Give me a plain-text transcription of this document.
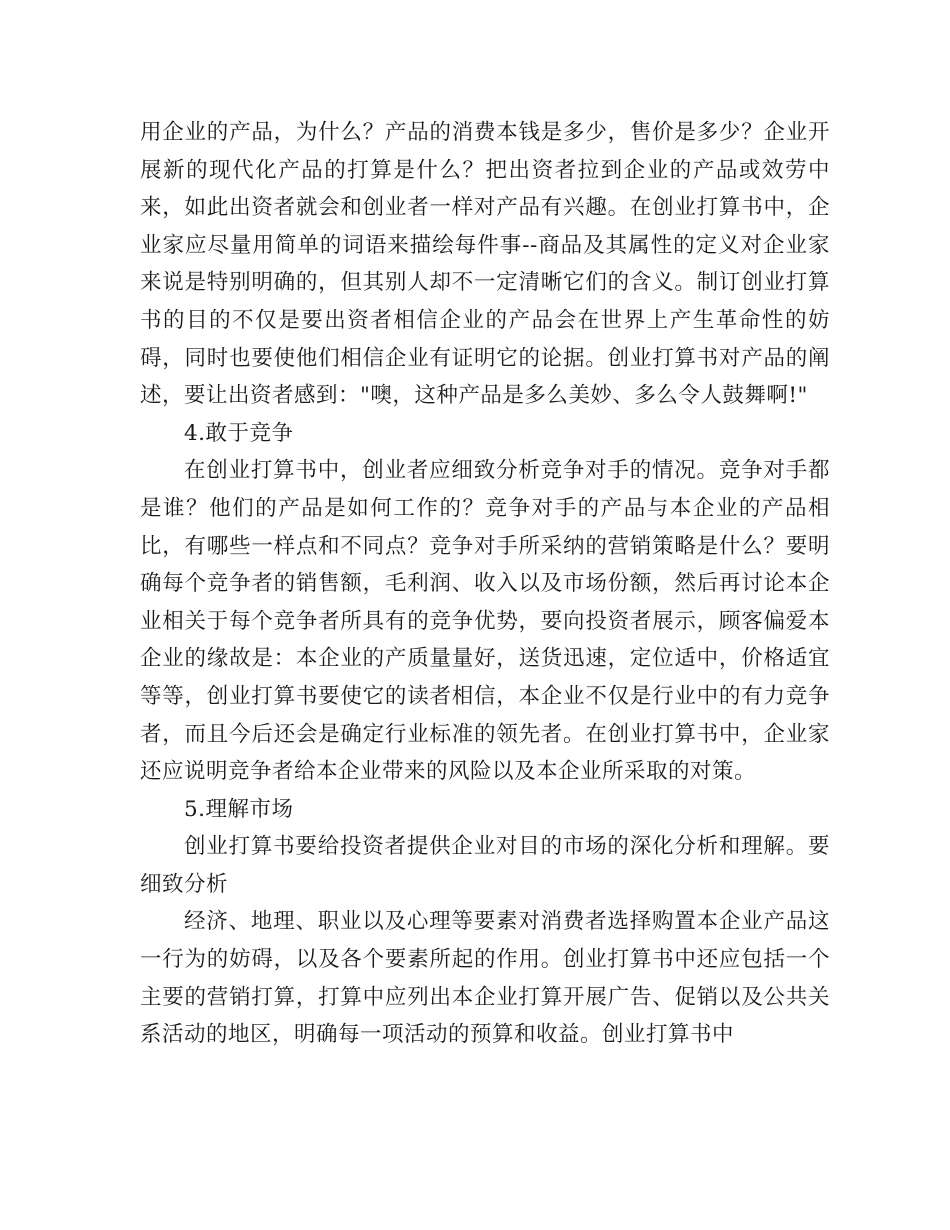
用企业的产品，为什么？产品的消费本钱是多少，售价是多少？企业开展新的现代化产品的打算是什么？把出资者拉到企业的产品或效劳中来，如此出资者就会和创业者一样对产品有兴趣。在创业打算书中，企业家应尽量用简单的词语来描绘每件事--商品及其属性的定义对企业家来说是特别明确的，但其别人却不一定清晰它们的含义。制订创业打算书的目的不仅是要出资者相信企业的产品会在世界上产生革命性的妨碍，同时也要使他们相信企业有证明它的论据。创业打算书对产品的阐述，要让出资者感到："噢，这种产品是多么美妙、多么令人鼓舞啊!"

4.敢于竞争

在创业打算书中，创业者应细致分析竞争对手的情况。竞争对手都是谁？他们的产品是如何工作的？竞争对手的产品与本企业的产品相比，有哪些一样点和不同点？竞争对手所采纳的营销策略是什么？要明确每个竞争者的销售额，毛利润、收入以及市场份额，然后再讨论本企业相关于每个竞争者所具有的竞争优势，要向投资者展示，顾客偏爱本企业的缘故是：本企业的产质量量好，送货迅速，定位适中，价格适宜等等，创业打算书要使它的读者相信，本企业不仅是行业中的有力竞争者，而且今后还会是确定行业标准的领先者。在创业打算书中，企业家还应说明竞争者给本企业带来的风险以及本企业所采取的对策。

5.理解市场

创业打算书要给投资者提供企业对目的市场的深化分析和理解。要细致分析

经济、地理、职业以及心理等要素对消费者选择购置本企业产品这一行为的妨碍，以及各个要素所起的作用。创业打算书中还应包括一个主要的营销打算，打算中应列出本企业打算开展广告、促销以及公共关系活动的地区，明确每一项活动的预算和收益。创业打算书中
